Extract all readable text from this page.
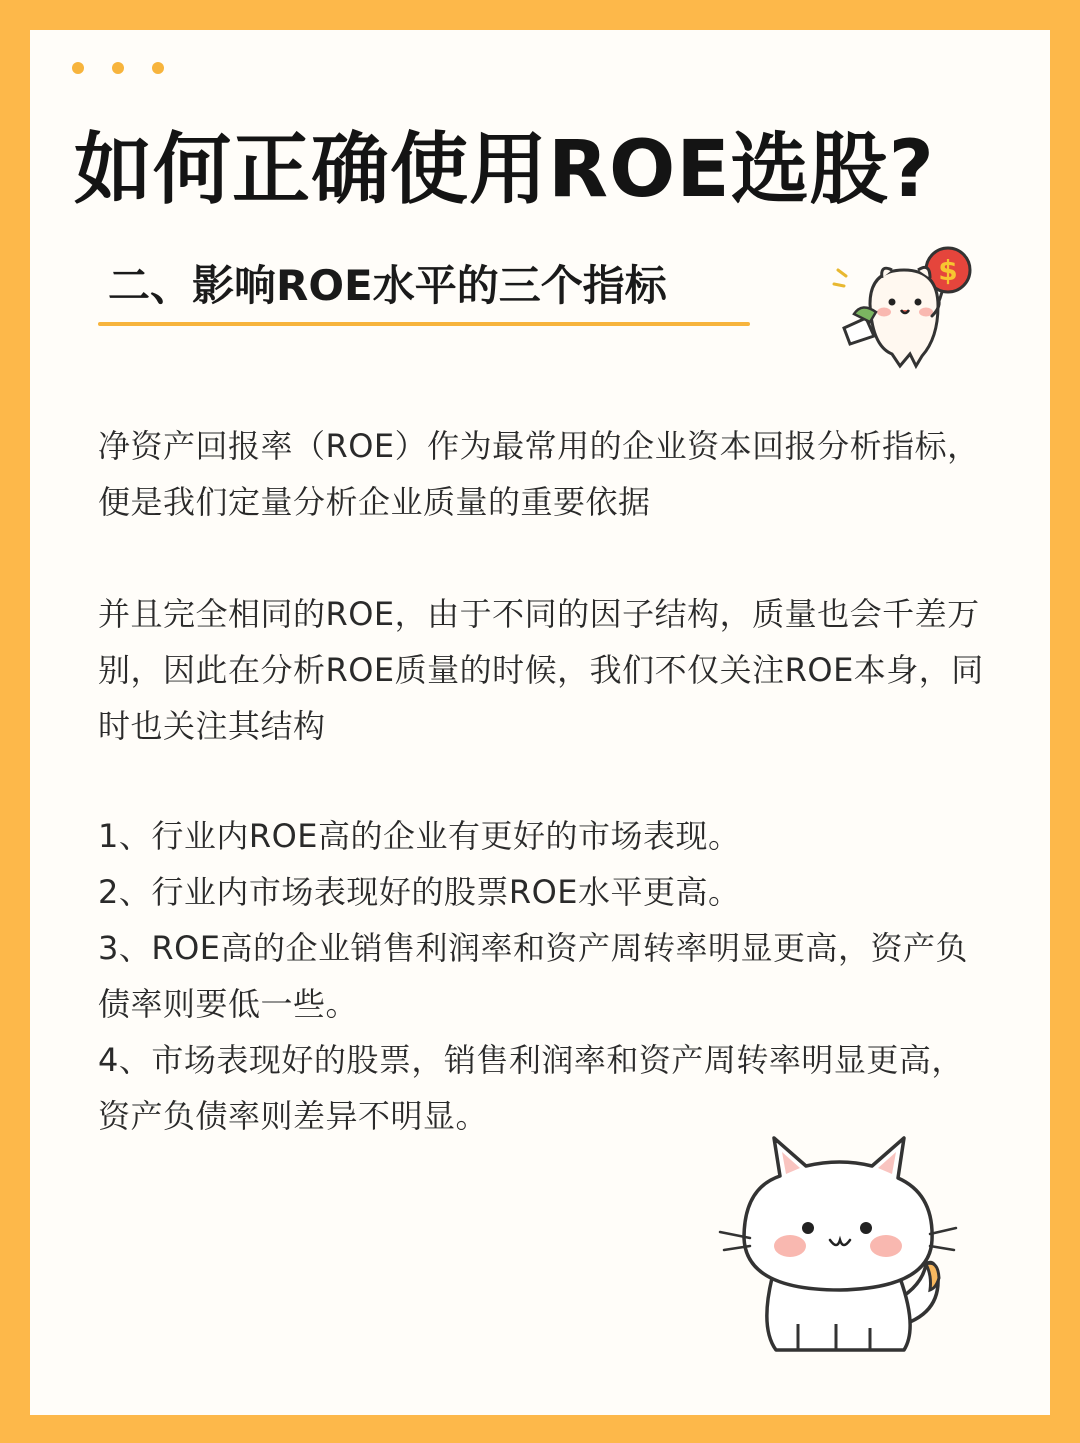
如何正确使用ROE选股?
二、影响ROE水平的三个指标	$
净资产回报率（ROE）作为最常用的企业资本回报分析指标，便是我们定量分析企业质量的重要依据
并且完全相同的ROE，由于不同的因子结构，质量也会千差万别，因此在分析ROE质量的时候，我们不仅关注ROE本身，同时也关注其结构

1、行业内ROE高的企业有更好的市场表现。

2、行业内市场表现好的股票ROE水平更高。

3、ROE高的企业销售利润率和资产周转率明显更高，资产负债率则要低一些。

4、市场表现好的股票，销售利润率和资产周转率明显更高，资产负债率则差异不明显。
